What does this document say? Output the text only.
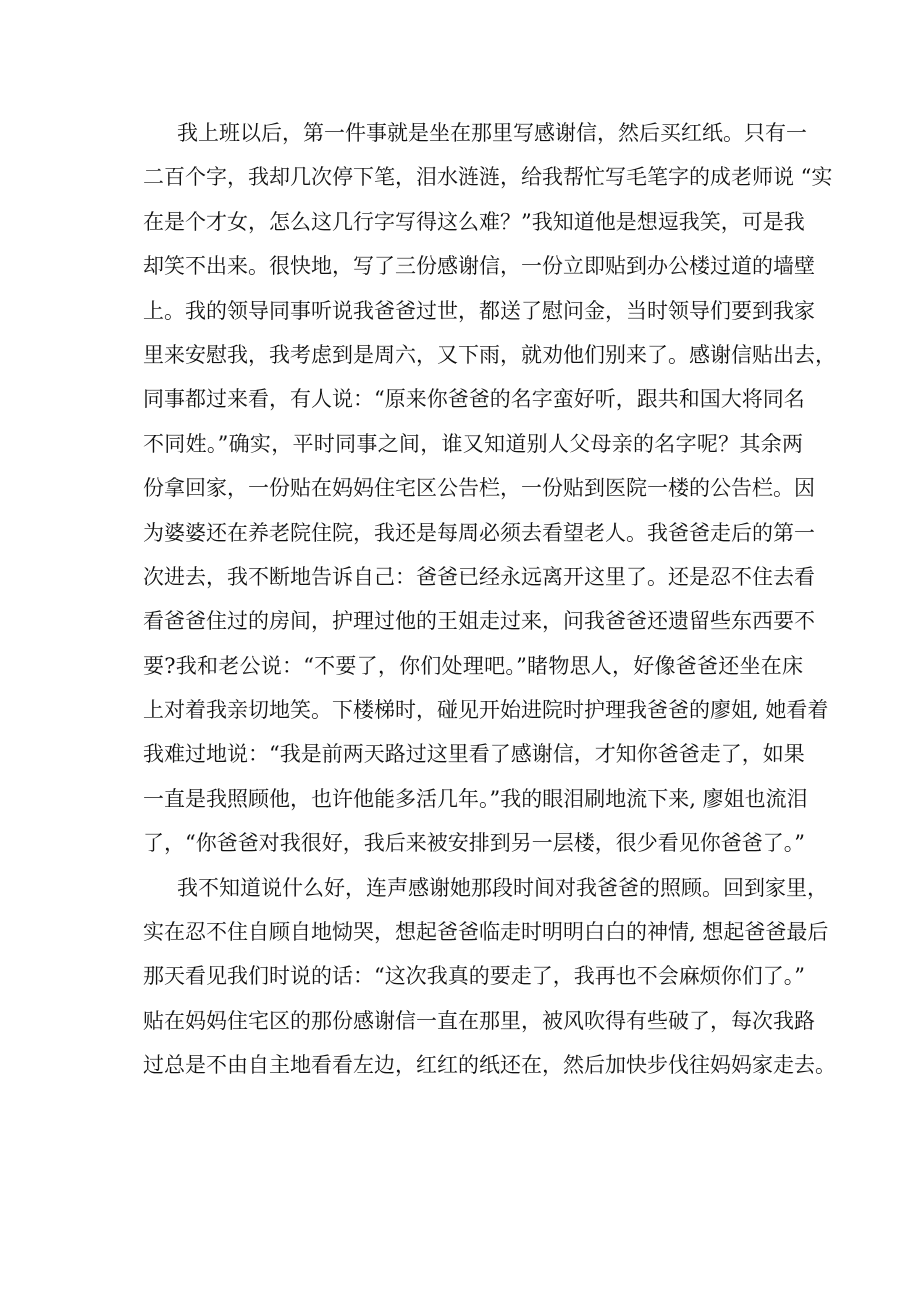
我上班以后，第一件事就是坐在那里写感谢信，然后买红纸。只有一
二百个字，我却几次停下笔，泪水涟涟，给我帮忙写毛笔字的成老师说 “实
在是个才女，怎么这几行字写得这么难？”我知道他是想逗我笑，可是我
却笑不出来。很快地，写了三份感谢信，一份立即贴到办公楼过道的墙壁
上。我的领导同事听说我爸爸过世，都送了慰问金，当时领导们要到我家
里来安慰我，我考虑到是周六，又下雨，就劝他们别来了。感谢信贴出去，
同事都过来看，有人说：“原来你爸爸的名字蛮好听，跟共和国大将同名
不同姓。”确实，平时同事之间，谁又知道别人父母亲的名字呢？其余两
份拿回家，一份贴在妈妈住宅区公告栏，一份贴到医院一楼的公告栏。因
为婆婆还在养老院住院，我还是每周必须去看望老人。我爸爸走后的第一
次进去，我不断地告诉自己：爸爸已经永远离开这里了。还是忍不住去看
看爸爸住过的房间，护理过他的王姐走过来，问我爸爸还遗留些东西要不
要?我和老公说：“不要了，你们处理吧。”睹物思人，好像爸爸还坐在床
上对着我亲切地笑。下楼梯时，碰见开始进院时护理我爸爸的廖姐, 她看着
我难过地说：“我是前两天路过这里看了感谢信，才知你爸爸走了，如果
一直是我照顾他，也许他能多活几年。”我的眼泪刷地流下来, 廖姐也流泪
了，“你爸爸对我很好，我后来被安排到另一层楼，很少看见你爸爸了。”
我不知道说什么好，连声感谢她那段时间对我爸爸的照顾。回到家里，
实在忍不住自顾自地恸哭，想起爸爸临走时明明白白的神情, 想起爸爸最后
那天看见我们时说的话：“这次我真的要走了，我再也不会麻烦你们了。”
贴在妈妈住宅区的那份感谢信一直在那里，被风吹得有些破了，每次我路
过总是不由自主地看看左边，红红的纸还在，然后加快步伐往妈妈家走去。
